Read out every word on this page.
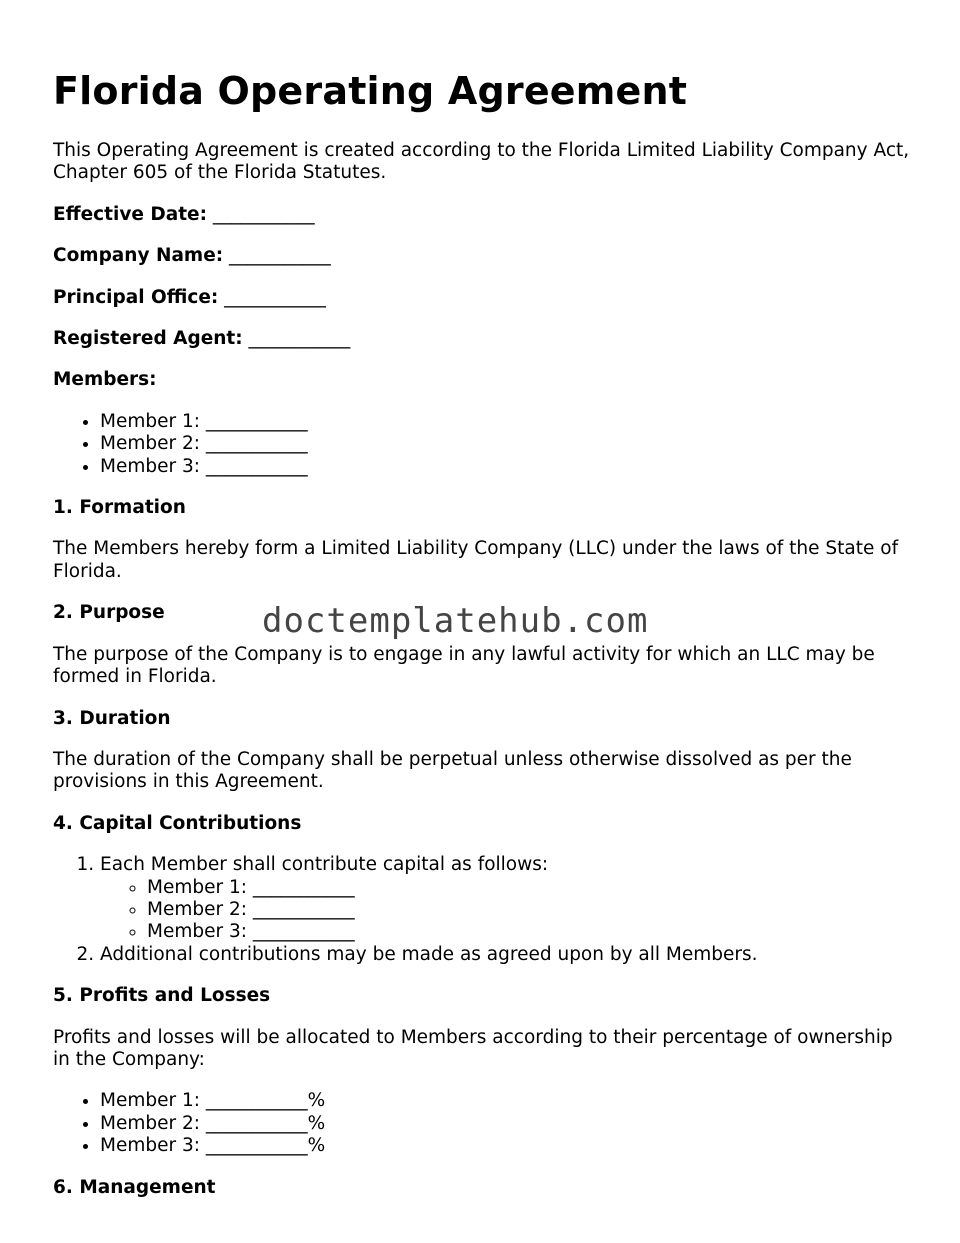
Florida Operating Agreement

This Operating Agreement is created according to the Florida Limited Liability Company Act, Chapter 605 of the Florida Statutes.

Effective Date: ___________
Company Name: ___________
Principal Office: ___________
Registered Agent: ___________
Members:
• Member 1: ___________
• Member 2: ___________
• Member 3: ___________
1. Formation

The Members hereby form a Limited Liability Company (LLC) under the laws of the State of Florida.

2. Purpose

The purpose of the Company is to engage in any lawful activity for which an LLC may be formed in Florida.

3. Duration

The duration of the Company shall be perpetual unless otherwise dissolved as per the provisions in this Agreement.

4. Capital Contributions
1. Each Member shall contribute capital as follows:
◦ Member 1: ___________
◦ Member 2: ___________
◦ Member 3: ___________
2. Additional contributions may be made as agreed upon by all Members.
5. Profits and Losses

Profits and losses will be allocated to Members according to their percentage of ownership in the Company:

• Member 1: ___________%
• Member 2: ___________%
• Member 3: ___________%
6. Management
doctemplatehub.com
